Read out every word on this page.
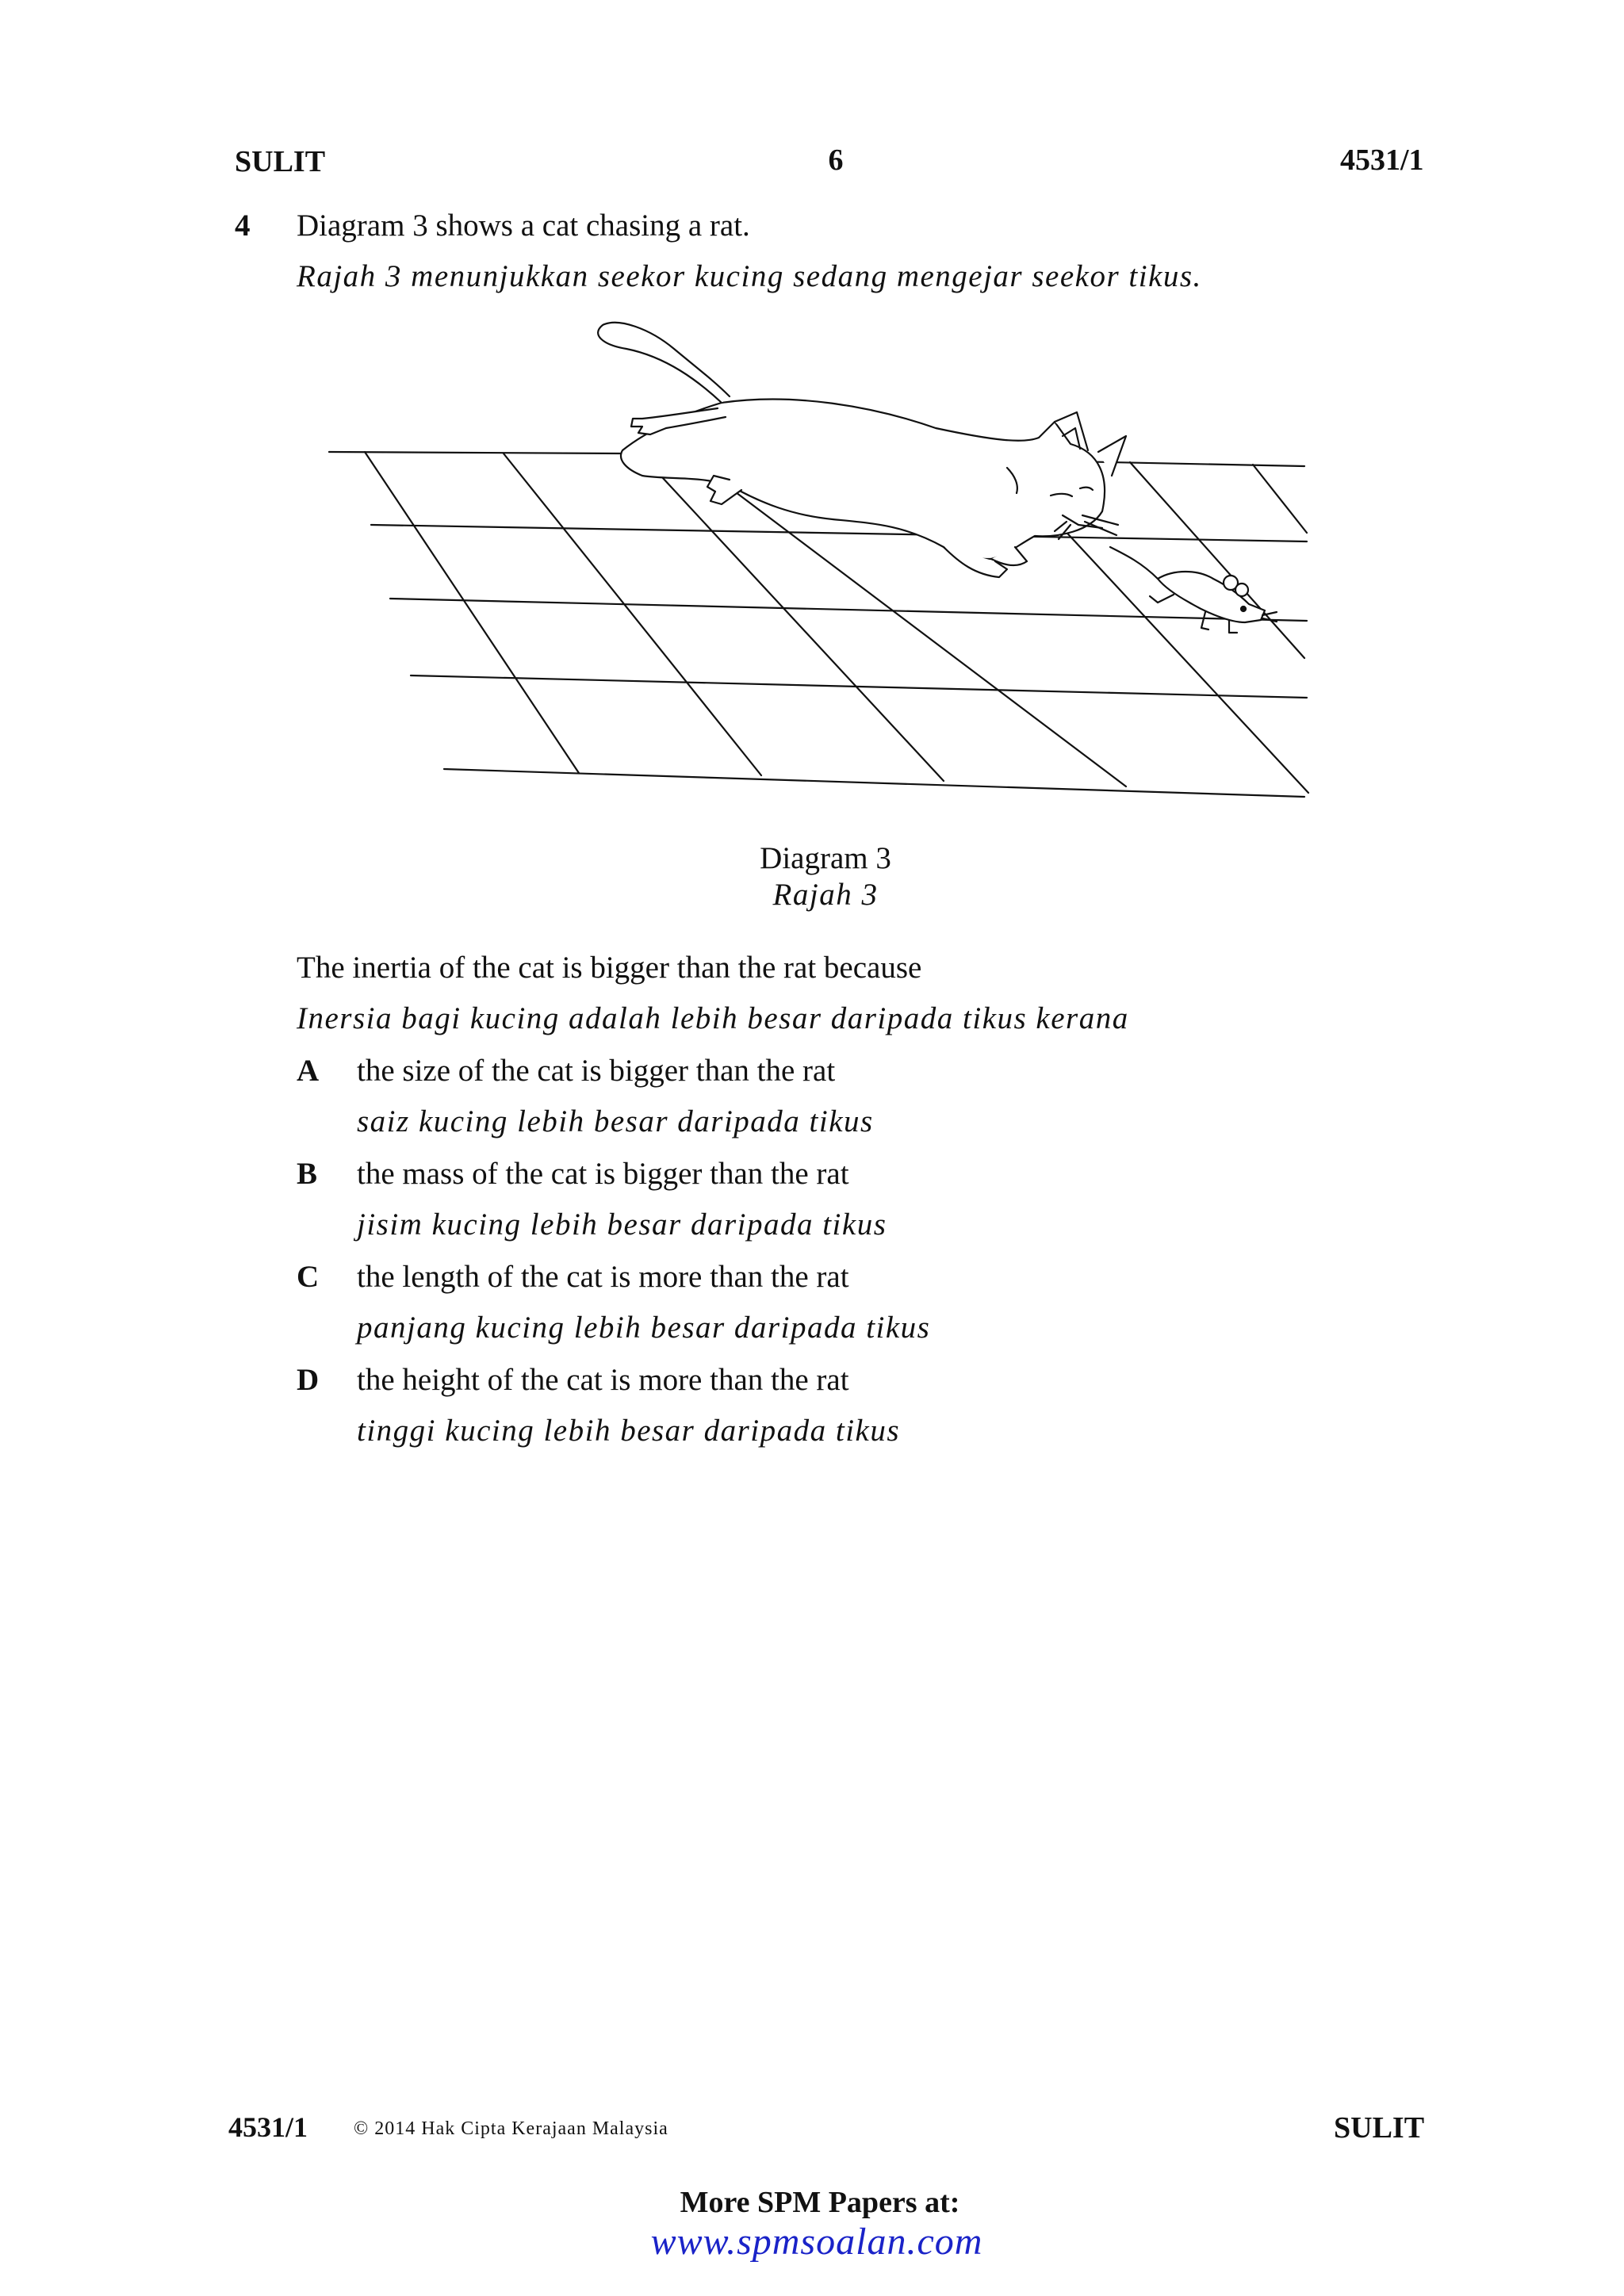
SULIT	6	4531/1
4 Diagram 3 shows a cat chasing a rat.
Rajah 3 menunjukkan seekor kucing sedang mengejar seekor tikus.
Diagram 3
Rajah 3
The inertia of the cat is bigger than the rat because
Inersia bagi kucing adalah lebih besar daripada tikus kerana
A the size of the cat is bigger than the rat
saiz kucing lebih besar daripada tikus
B the mass of the cat is bigger than the rat
jisim kucing lebih besar daripada tikus
C the length of the cat is more than the rat
panjang kucing lebih besar daripada tikus
D the height of the cat is more than the rat
tinggi kucing lebih besar daripada tikus
4531/1 © 2014 Hak Cipta Kerajaan Malaysia	SULIT
More SPM Papers at:
www.spmsoalan.com
